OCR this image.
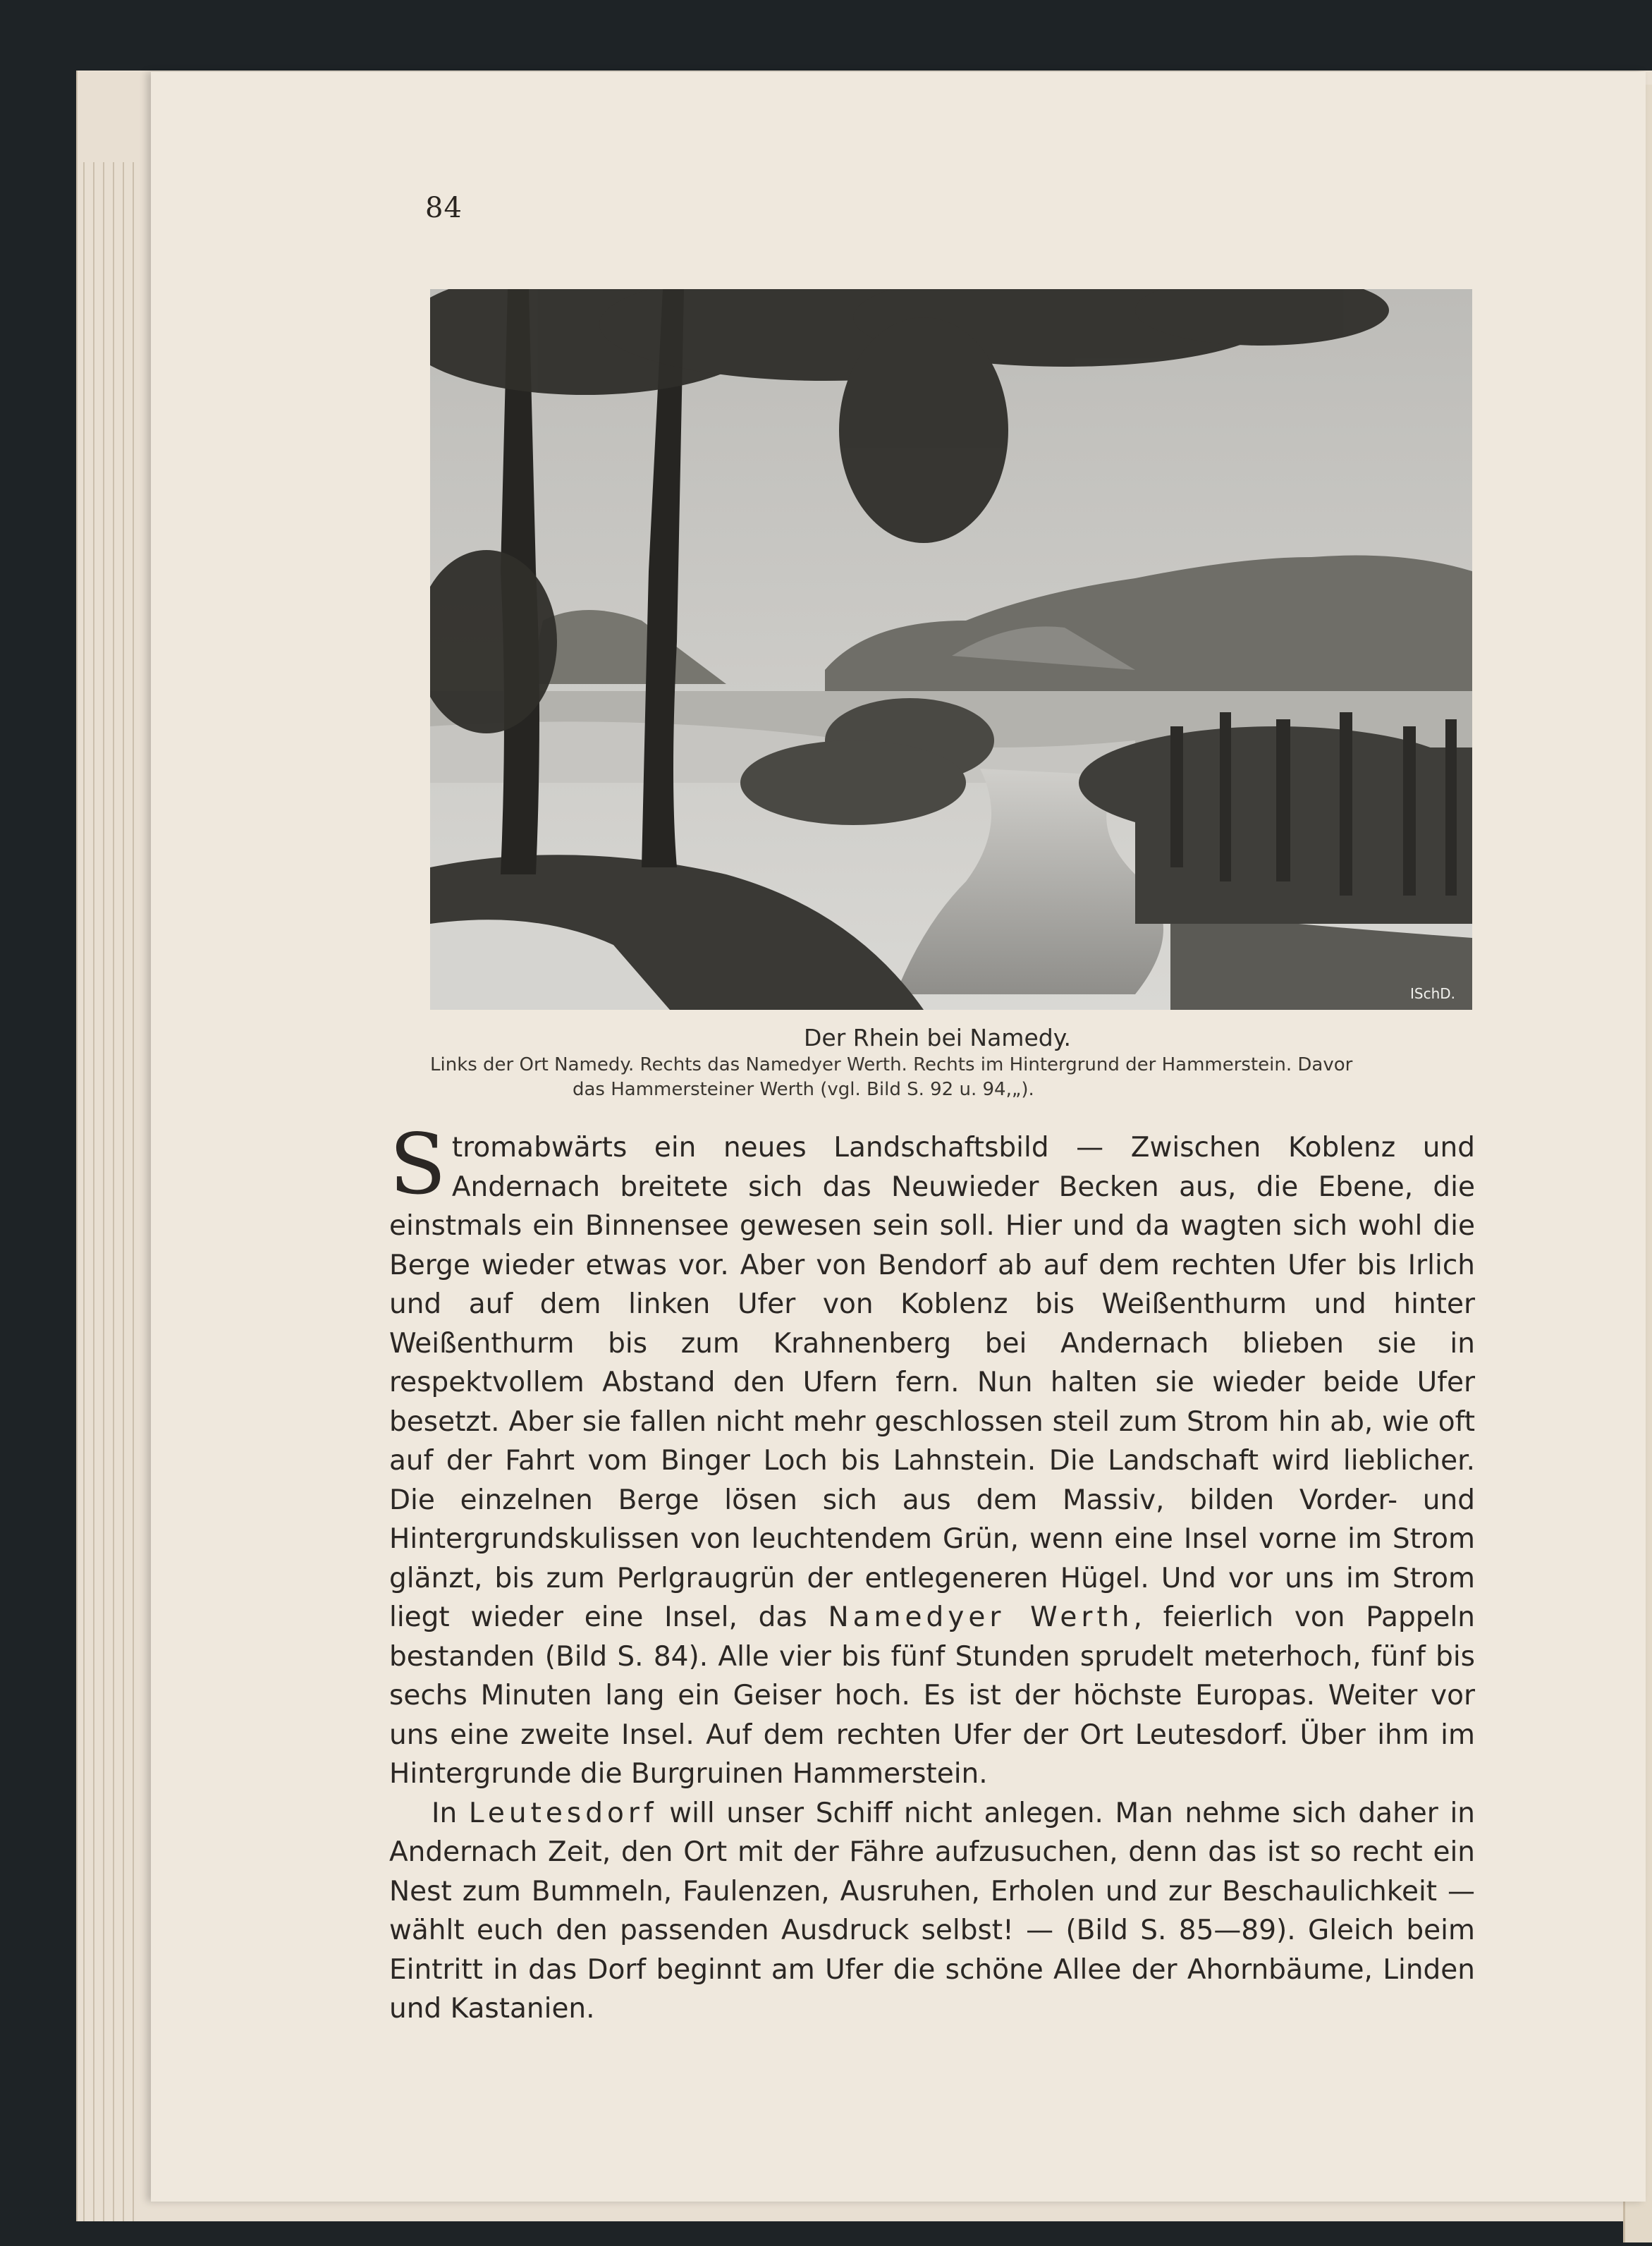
84
ISchD.
Der Rhein bei Namedy.
Links der Ort Namedy. Rechts das Namedyer Werth. Rechts im Hintergrund der Hammerstein. Davor
das Hammersteiner Werth (vgl. Bild S. 92 u. 94,„).

Stromabwärts ein neues Landschaftsbild — Zwischen Koblenz und Andernach breitete sich das Neuwieder Becken aus, die Ebene, die einstmals ein Binnensee gewesen sein soll. Hier und da wagten sich wohl die Berge wieder etwas vor. Aber von Bendorf ab auf dem rechten Ufer bis Irlich und auf dem linken Ufer von Koblenz bis Weißenthurm und hinter Weißenthurm bis zum Krahnenberg bei Andernach blieben sie in respektvollem Abstand den Ufern fern. Nun halten sie wieder beide Ufer besetzt. Aber sie fallen nicht mehr geschlossen steil zum Strom hin ab, wie oft auf der Fahrt vom Binger Loch bis Lahnstein. Die Landschaft wird lieblicher. Die einzelnen Berge lösen sich aus dem Massiv, bilden Vorder- und Hintergrundskulissen von leuchtendem Grün, wenn eine Insel vorne im Strom glänzt, bis zum Perlgraugrün der entlegeneren Hügel. Und vor uns im Strom liegt wieder eine Insel, das Namedyer Werth, feierlich von Pappeln bestanden (Bild S. 84). Alle vier bis fünf Stunden sprudelt meterhoch, fünf bis sechs Minuten lang ein Geiser hoch. Es ist der höchste Europas. Weiter vor uns eine zweite Insel. Auf dem rechten Ufer der Ort Leutesdorf. Über ihm im Hintergrunde die Burgruinen Hammerstein.

In Leutesdorf will unser Schiff nicht anlegen. Man nehme sich daher in Andernach Zeit, den Ort mit der Fähre aufzusuchen, denn das ist so recht ein Nest zum Bummeln, Faulenzen, Ausruhen, Erholen und zur Beschaulichkeit — wählt euch den passenden Ausdruck selbst! — (Bild S. 85—89). Gleich beim Eintritt in das Dorf beginnt am Ufer die schöne Allee der Ahornbäume, Linden und Kastanien.
